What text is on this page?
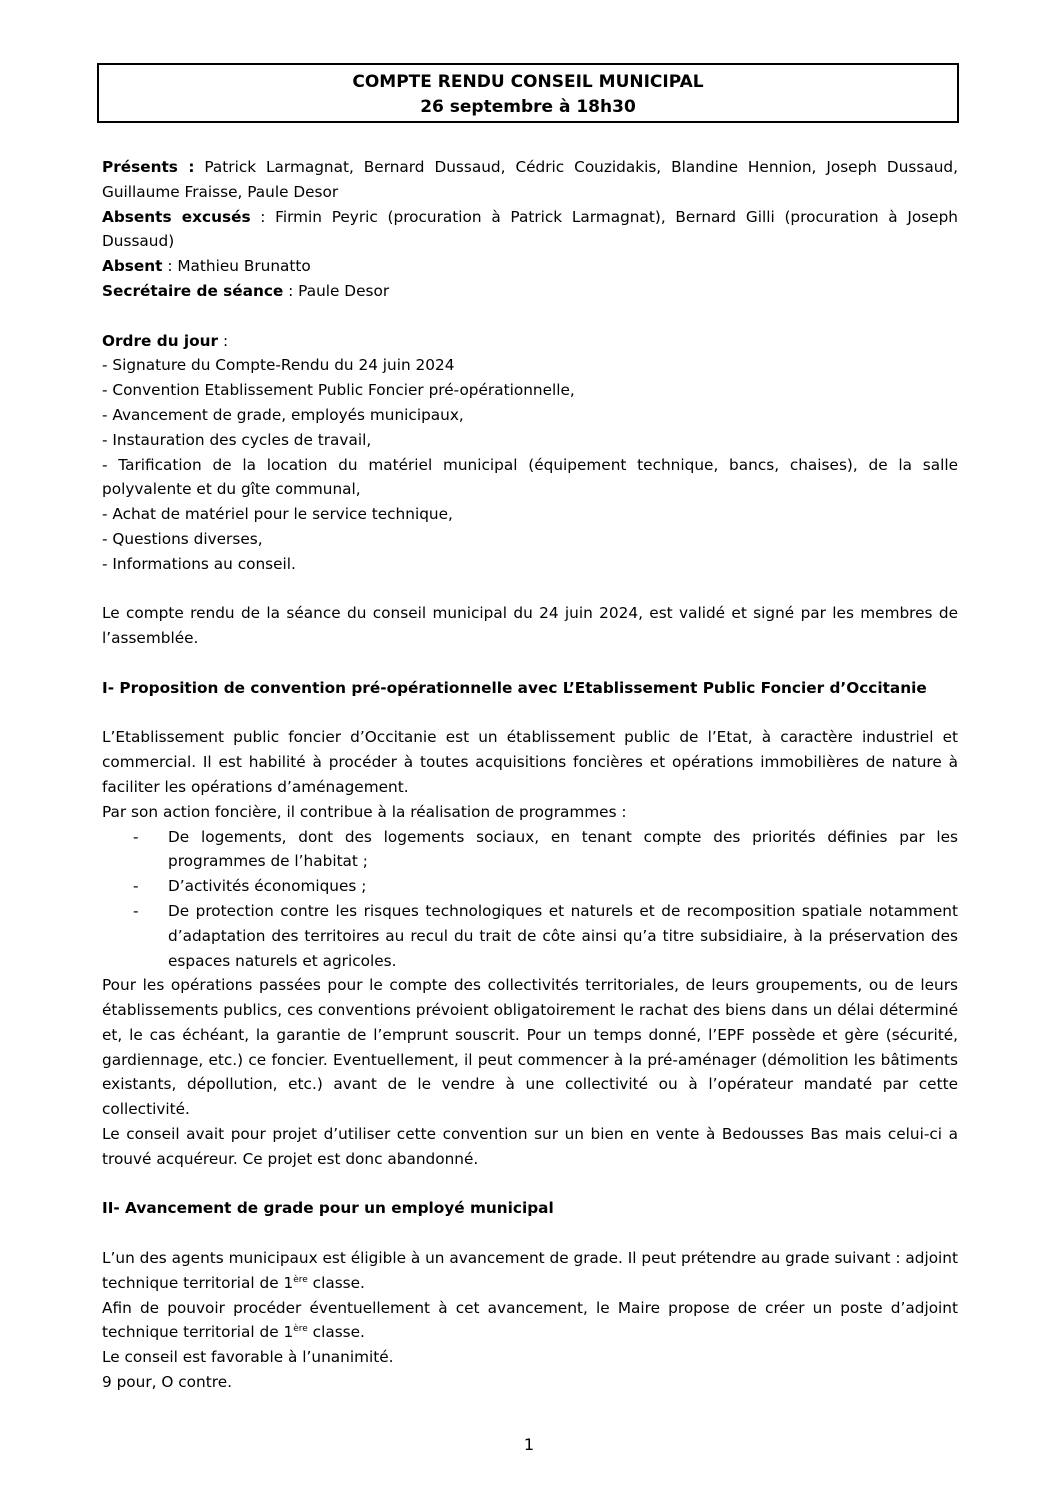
COMPTE RENDU CONSEIL MUNICIPAL
26 septembre à 18h30

Présents : Patrick Larmagnat, Bernard Dussaud, Cédric Couzidakis, Blandine Hennion, Joseph Dussaud, Guillaume Fraisse, Paule Desor

Absents excusés : Firmin Peyric (procuration à Patrick Larmagnat), Bernard Gilli (procuration à Joseph Dussaud)

Absent : Mathieu Brunatto

Secrétaire de séance : Paule Desor

Ordre du jour :

- Signature du Compte-Rendu du 24 juin 2024

- Convention Etablissement Public Foncier pré-opérationnelle,

- Avancement de grade, employés municipaux,

- Instauration des cycles de travail,

- Tarification de la location du matériel municipal (équipement technique, bancs, chaises), de la salle polyvalente et du gîte communal,

- Achat de matériel pour le service technique,

- Questions diverses,

- Informations au conseil.

Le compte rendu de la séance du conseil municipal du 24 juin 2024, est validé et signé par les membres de l’assemblée.

I- Proposition de convention pré-opérationnelle avec L’Etablissement Public Foncier d’Occitanie

L’Etablissement public foncier d’Occitanie est un établissement public de l’Etat, à caractère industriel et commercial. Il est habilité à procéder à toutes acquisitions foncières et opérations immobilières de nature à faciliter les opérations d’aménagement.

Par son action foncière, il contribue à la réalisation de programmes :

- De logements, dont des logements sociaux, en tenant compte des priorités définies par les programmes de l’habitat ;
- D’activités économiques ;
- De protection contre les risques technologiques et naturels et de recomposition spatiale notamment d’adaptation des territoires au recul du trait de côte ainsi qu’a titre subsidiaire, à la préservation des espaces naturels et agricoles.

Pour les opérations passées pour le compte des collectivités territoriales, de leurs groupements, ou de leurs établissements publics, ces conventions prévoient obligatoirement le rachat des biens dans un délai déterminé et, le cas échéant, la garantie de l’emprunt souscrit. Pour un temps donné, l’EPF possède et gère (sécurité, gardiennage, etc.) ce foncier. Eventuellement, il peut commencer à la pré-aménager (démolition les bâtiments existants, dépollution, etc.) avant de le vendre à une collectivité ou à l’opérateur mandaté par cette collectivité.

Le conseil avait pour projet d’utiliser cette convention sur un bien en vente à Bedousses Bas mais celui-ci a trouvé acquéreur. Ce projet est donc abandonné.

II- Avancement de grade pour un employé municipal

L’un des agents municipaux est éligible à un avancement de grade. Il peut prétendre au grade suivant : adjoint technique territorial de 1ère classe.

Afin de pouvoir procéder éventuellement à cet avancement, le Maire propose de créer un poste d’adjoint technique territorial de 1ère classe.

Le conseil est favorable à l’unanimité.

9 pour, O contre.

1
